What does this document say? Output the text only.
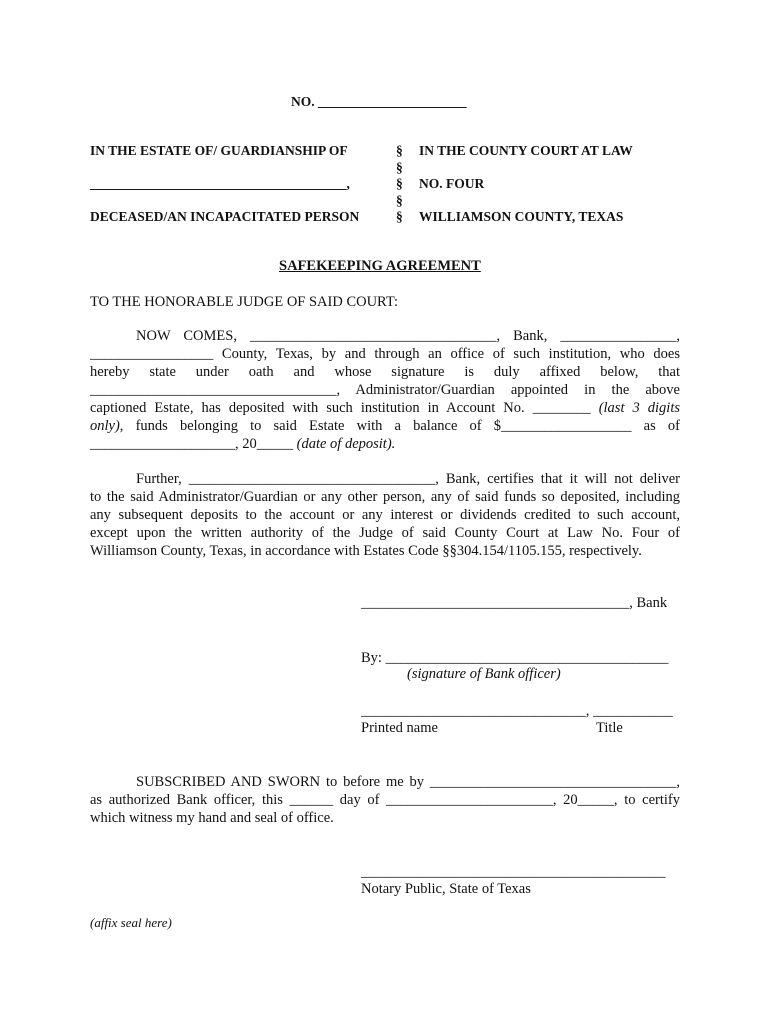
NO. ______________________
IN THE ESTATE OF/ GUARDIANSHIP OF
______________________________________,
DECEASED/AN INCAPACITATED PERSON
§
§
§
§
§
IN THE COUNTY COURT AT LAW
NO. FOUR
WILLIAMSON COUNTY, TEXAS
SAFEKEEPING AGREEMENT
TO THE HONORABLE JUDGE OF SAID COURT:
NOW COMES, __________________________________, Bank, ________________,
_________________ County, Texas, by and through an office of such institution, who does
hereby state under oath and whose signature is duly affixed below, that
__________________________________, Administrator/Guardian appointed in the above
captioned Estate, has deposited with such institution in Account No. ________ (last 3 digits
only), funds belonging to said Estate with a balance of $__________________ as of
____________________, 20_____ (date of deposit).
Further, __________________________________, Bank, certifies that it will not deliver
to the said Administrator/Guardian or any other person, any of said funds so deposited, including
any subsequent deposits to the account or any interest or dividends credited to such account,
except upon the written authority of the Judge of said County Court at Law No. Four of
Williamson County, Texas, in accordance with Estates Code §§304.154/1105.155, respectively.
_____________________________________, Bank
By: _______________________________________
(signature of Bank officer)
_______________________________, ___________
Printed name	Title
SUBSCRIBED AND SWORN to before me by __________________________________,
as authorized Bank officer, this ______ day of _______________________, 20_____, to certify
which witness my hand and seal of office.
__________________________________________
Notary Public, State of Texas
(affix seal here)
